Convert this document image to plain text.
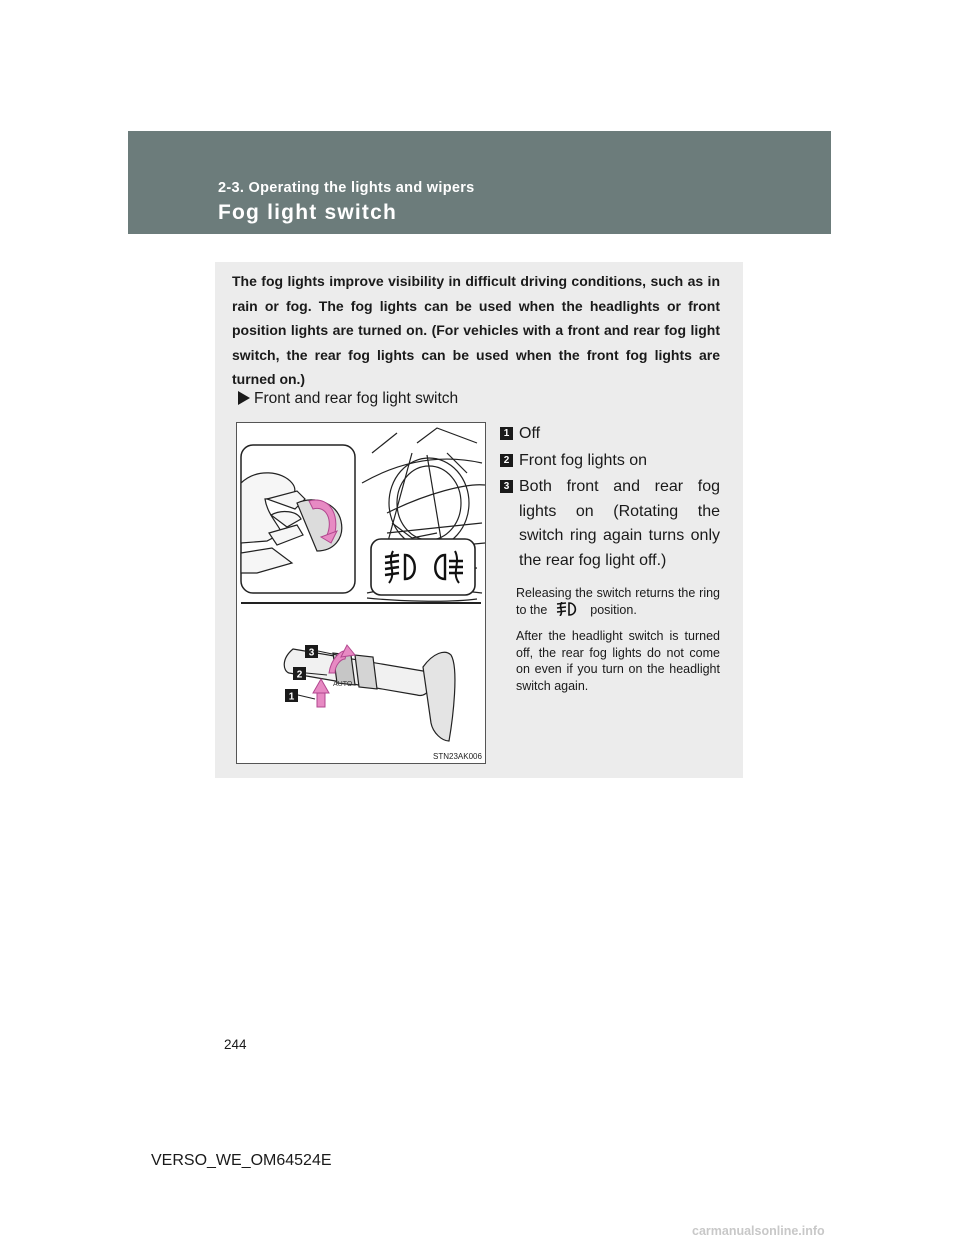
2-3. Operating the lights and wipers
Fog light switch
The fog lights improve visibility in difficult driving conditions, such as in rain or fog. The fog lights can be used when the headlights or front position lights are turned on. (For vehicles with a front and rear fog light switch, the rear fog lights can be used when the front fog lights are turned on.)
Front and rear fog light switch
AUTO
3
2
1
STN23AK006
1 Off
2 Front fog lights on
3 Both front and rear fog lights on (Rotating the switch ring again turns only the rear fog light off.)
Releasing the switch returns the ring to the	position.
After the headlight switch is turned off, the rear fog lights do not come on even if you turn on the headlight switch again.
244
VERSO_WE_OM64524E
carmanualsonline.info
